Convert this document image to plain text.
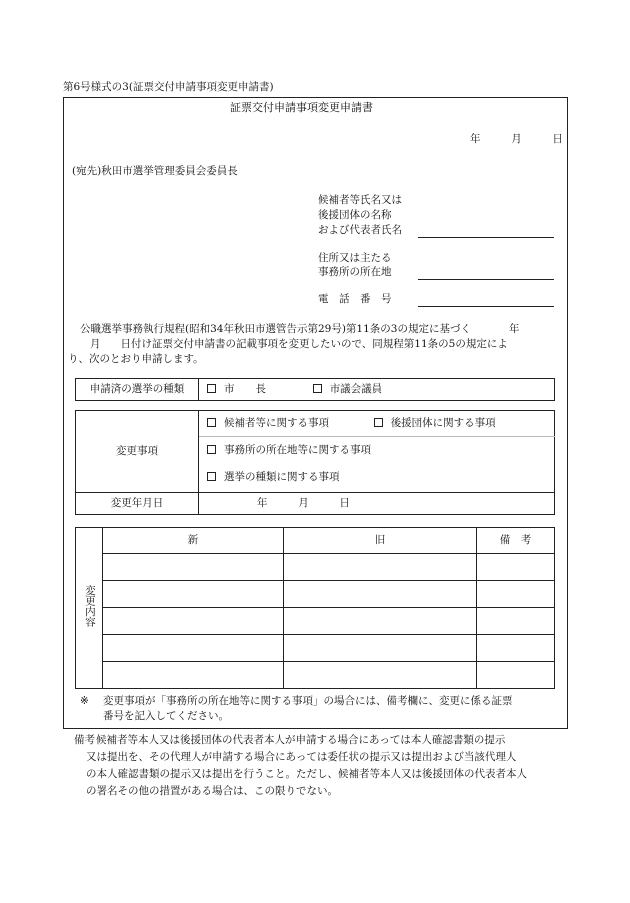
第6号様式の3(証票交付申請事項変更申請書)
証票交付申請事項変更申請書
年	月	日
(宛先)秋田市選挙管理委員会委員長
候補者等氏名又は
後援団体の名称
および代表者氏名
住所又は主たる
事務所の所在地
電　話　番　号
公職選挙事務執行規程(昭和34年秋田市選管告示第29号)第11条の3の規定に基づく	年
月 日付け証票交付申請書の記載事項を変更したいので、同規程第11条の5の規定によ
り、次のとおり申請します。
申請済の選挙の種類	市　　長	市議会議員
変更事項	候補者等に関する事項 後援団体に関する事項
	事務所の所在地等に関する事項
	選挙の種類に関する事項
変更年月日	年 月 日
変更内容	新	旧	備　考

※ 変更事項が「事務所の所在地等に関する事項」の場合には、備考欄に、変更に係る証票
番号を記入してください。
備考 候補者等本人又は後援団体の代表者本人が申請する場合にあっては本人確認書類の提示
又は提出を、その代理人が申請する場合にあっては委任状の提示又は提出および当該代理人
の本人確認書類の提示又は提出を行うこと。ただし、候補者等本人又は後援団体の代表者本人
の署名その他の措置がある場合は、この限りでない。
